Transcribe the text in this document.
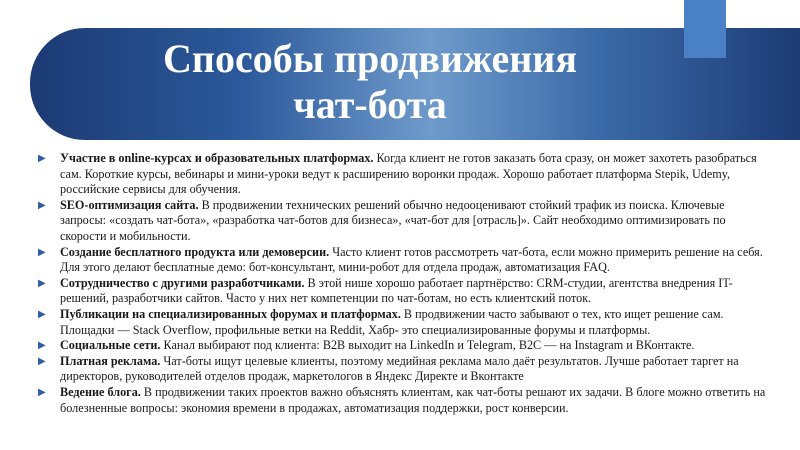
Способы продвижения
чат-бота
▶ Участие в online-курсах и образовательных платформах. Когда клиент не готов заказать бота сразу, он может захотеть разобраться сам. Короткие курсы, вебинары и мини-уроки ведут к расширению воронки продаж. Хорошо работает платформа Stepik, Udemy, российские сервисы для обучения.
▶ SEO-оптимизация сайта. В продвижении технических решений обычно недооценивают стойкий трафик из поиска. Ключевые запросы: «создать чат-бота», «разработка чат-ботов для бизнеса», «чат-бот для [отрасль]». Сайт необходимо оптимизировать по скорости и мобильности.
▶ Создание бесплатного продукта или демоверсии. Часто клиент готов рассмотреть чат-бота, если можно примерить решение на себя. Для этого делают бесплатные демо: бот-консультант, мини-робот для отдела продаж, автоматизация FAQ.
▶ Сотрудничество с другими разработчиками. В этой нише хорошо работает партнёрство: CRM-студии, агентства внедрения IT-решений, разработчики сайтов. Часто у них нет компетенции по чат-ботам, но есть клиентский поток.
▶ Публикации на специализированных форумах и платформах. В продвижении часто забывают о тех, кто ищет решение сам. Площадки — Stack Overflow, профильные ветки на Reddit, Хабр- это специализированные форумы и платформы.
▶ Социальные сети. Канал выбирают под клиента: B2B выходит на LinkedIn и Telegram, B2C — на Instagram и ВКонтакте.
▶ Платная реклама. Чат-боты ищут целевые клиенты, поэтому медийная реклама мало даёт результатов. Лучше работает таргет на директоров, руководителей отделов продаж, маркетологов в Яндекс Директе и Вконтакте
▶ Ведение блога. В продвижении таких проектов важно объяснять клиентам, как чат-боты решают их задачи. В блоге можно ответить на болезненные вопросы: экономия времени в продажах, автоматизация поддержки, рост конверсии.
